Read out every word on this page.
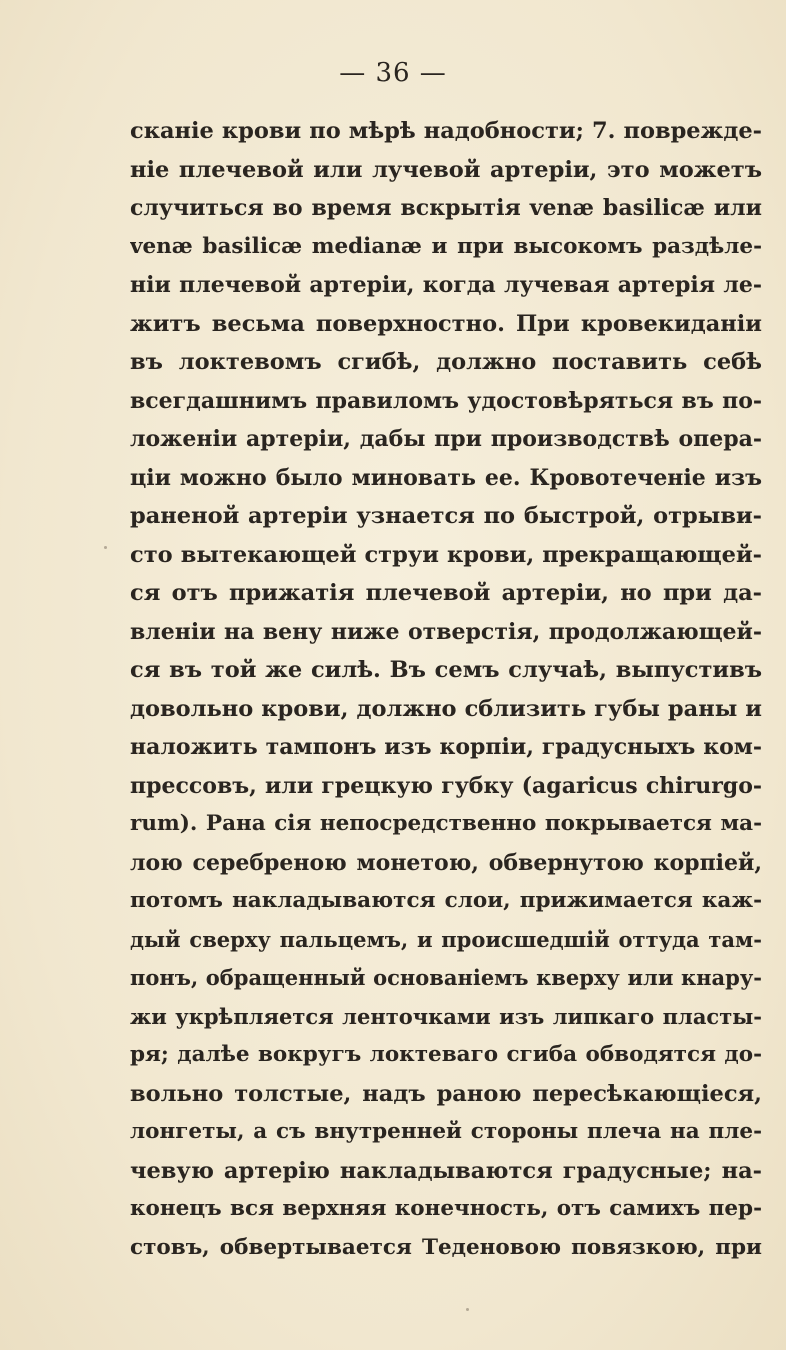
— 36 —
сканіе крови по мѣрѣ надобности; 7. поврежде-
ніе плечевой или лучевой артеріи, это можетъ
случиться во время вскрытія venæ basilicæ или
venæ basilicæ medianæ и при высокомъ раздѣле-
ніи плечевой артеріи, когда лучевая артерія ле-
житъ весьма поверхностно. При кровекиданіи
въ локтевомъ сгибѣ, должно поставить себѣ
всегдашнимъ правиломъ удостовѣряться въ по-
ложеніи артеріи, дабы при производствѣ опера-
ціи можно было миновать ее. Кровотеченіе изъ
раненой артеріи узнается по быстрой, отрыви-
сто вытекающей струи крови, прекращающей-
ся отъ прижатія плечевой артеріи, но при да-
вленіи на вену ниже отверстія, продолжающей-
ся въ той же силѣ. Въ семъ случаѣ, выпустивъ
довольно крови, должно сблизить губы раны и
наложить тампонъ изъ корпіи, градусныхъ ком-
прессовъ, или грецкую губку (agaricus chirurgo-
rum). Рана сія непосредственно покрывается ма-
лою серебреною монетою, обвернутою корпіей,
потомъ накладываются слои, прижимается каж-
дый сверху пальцемъ, и происшедшій оттуда там-
понъ, обращенный основаніемъ кверху или кнару-
жи укрѣпляется ленточками изъ липкаго пласты-
ря; далѣе вокругъ локтеваго сгиба обводятся до-
вольно толстые, надъ раною пересѣкающіеся,
лонгеты, а съ внутренней стороны плеча на пле-
чевую артерію накладываются градусные; на-
конецъ вся верхняя конечность, отъ самихъ пер-
стовъ, обвертывается Теденовою повязкою, при
